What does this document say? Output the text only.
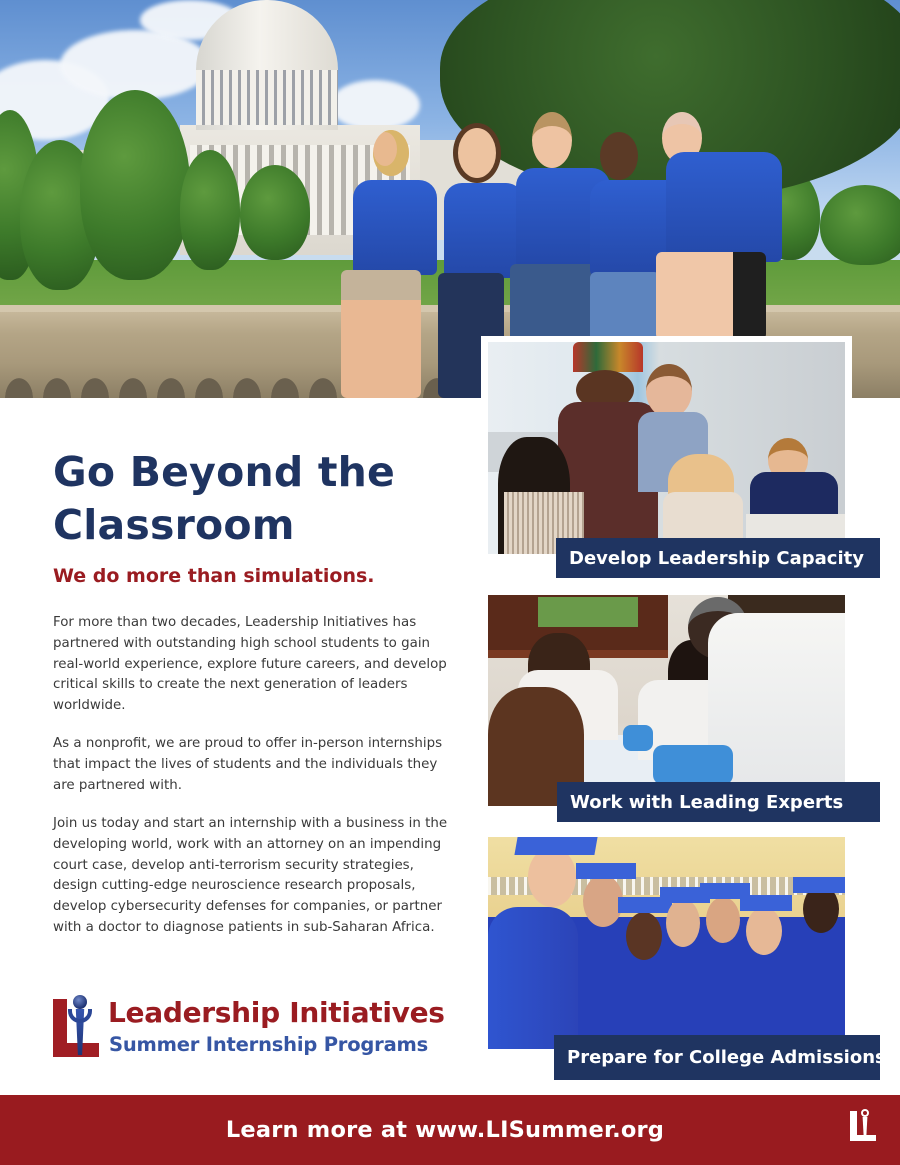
Go Beyond the
Classroom
We do more than simulations.

For more than two decades, Leadership Initiatives has partnered with outstanding high school students to gain real-world experience, explore future careers, and develop critical skills to create the next generation of leaders worldwide.

As a nonprofit, we are proud to offer in-person internships that impact the lives of students and the individuals they are partnered with.

Join us today and start an internship with a business in the developing world, work with an attorney on an impending court case, develop anti-terrorism security strategies, design cutting-edge neuroscience research proposals, develop cybersecurity defenses for companies, or partner with a doctor to diagnose patients in sub-Saharan Africa.

Leadership Initiatives
Summer Internship Programs
Develop Leadership Capacity
Work with Leading Experts
Prepare for College Admissions
Learn more at www.LISummer.org
